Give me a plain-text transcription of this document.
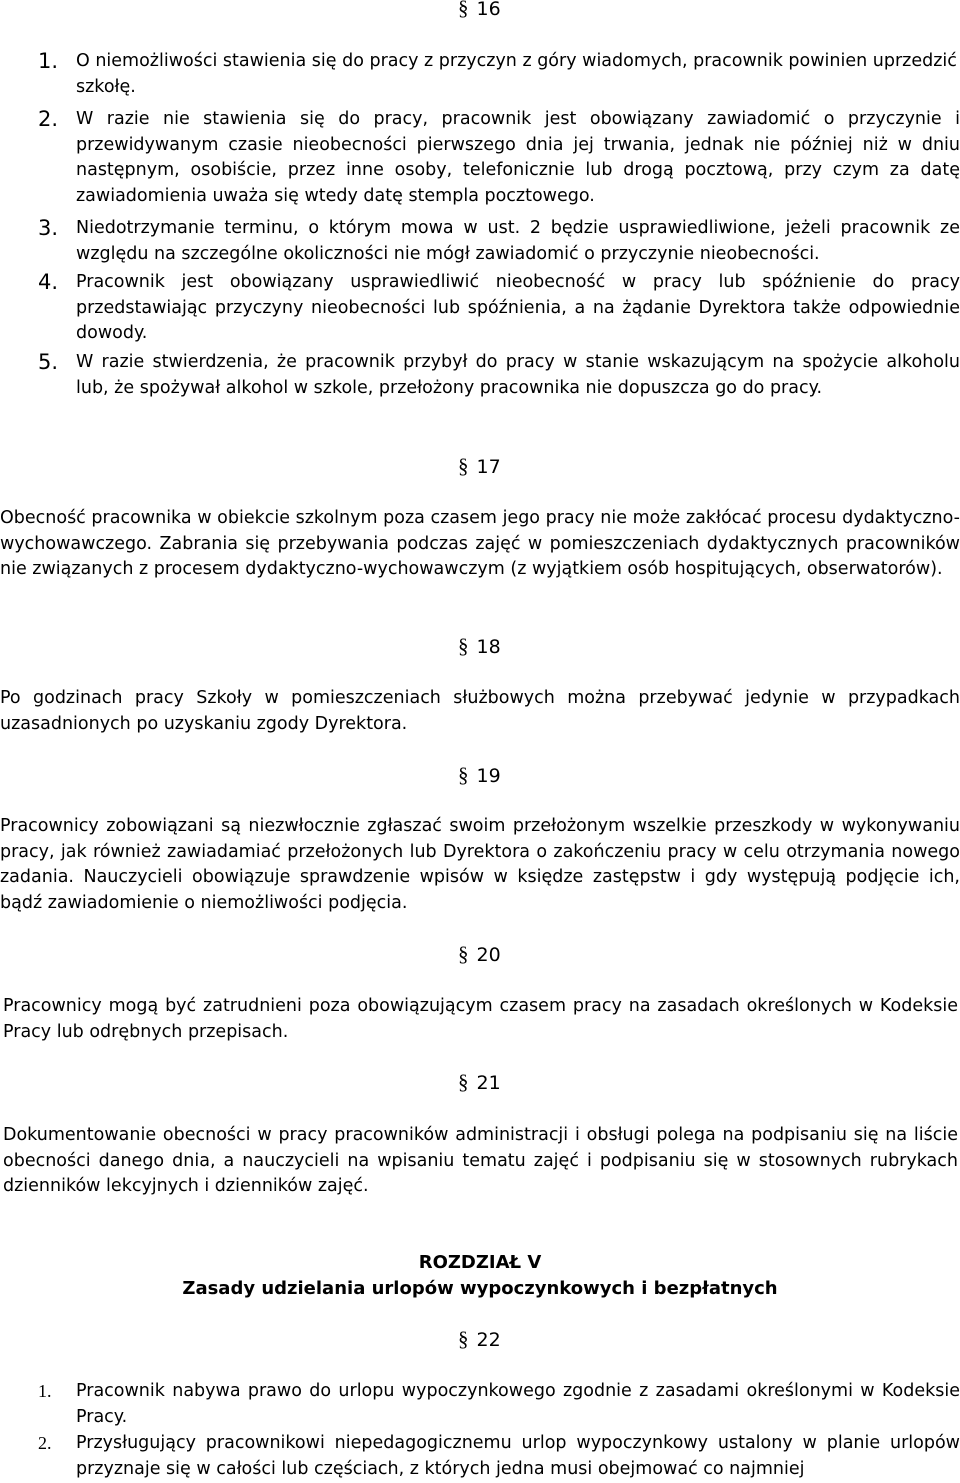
§ 16
1. O niemożliwości stawienia się do pracy z przyczyn z góry wiadomych, pracownik powinien uprzedzić szkołę.
2. W razie nie stawienia się do pracy, pracownik jest obowiązany zawiadomić o przyczynie i przewidywanym czasie nieobecności pierwszego dnia jej trwania, jednak nie później niż w dniu następnym, osobiście, przez inne osoby, telefonicznie lub drogą pocztową, przy czym za datę zawiadomienia uważa się wtedy datę stempla pocztowego.
3. Niedotrzymanie terminu, o którym mowa w ust. 2 będzie usprawiedliwione, jeżeli pracownik ze względu na szczególne okoliczności nie mógł zawiadomić o przyczynie nieobecności.
4. Pracownik jest obowiązany usprawiedliwić nieobecność w pracy lub spóźnienie do pracy przedstawiając przyczyny nieobecności lub spóźnienia, a na żądanie Dyrektora także odpowiednie dowody.
5. W razie stwierdzenia, że pracownik przybył do pracy w stanie wskazującym na spożycie alkoholu lub, że spożywał alkohol w szkole, przełożony pracownika nie dopuszcza go do pracy.
§ 17

Obecność pracownika w obiekcie szkolnym poza czasem jego pracy nie może zakłócać procesu dydaktyczno-wychowawczego. Zabrania się przebywania podczas zajęć w pomieszczeniach dydaktycznych pracowników nie związanych z procesem dydaktyczno-wychowawczym (z wyjątkiem osób hospitujących, obserwatorów).

§ 18

Po godzinach pracy Szkoły w pomieszczeniach służbowych można przebywać jedynie w przypadkach uzasadnionych po uzyskaniu zgody Dyrektora.

§ 19

Pracownicy zobowiązani są niezwłocznie zgłaszać swoim przełożonym wszelkie przeszkody w wykonywaniu pracy, jak również zawiadamiać przełożonych lub Dyrektora o zakończeniu pracy w celu otrzymania nowego zadania. Nauczycieli obowiązuje sprawdzenie wpisów w księdze zastępstw i gdy występują podjęcie ich, bądź zawiadomienie o niemożliwości podjęcia.

§ 20

Pracownicy mogą być zatrudnieni poza obowiązującym czasem pracy na zasadach określonych w Kodeksie Pracy lub odrębnych przepisach.

§ 21

Dokumentowanie obecności w pracy pracowników administracji i obsługi polega na podpisaniu się na liście obecności danego dnia, a nauczycieli na wpisaniu tematu zajęć i podpisaniu się w stosownych rubrykach dzienników lekcyjnych i dzienników zajęć.

ROZDZIAŁ V
Zasady udzielania urlopów wypoczynkowych i bezpłatnych
§ 22
1. Pracownik nabywa prawo do urlopu wypoczynkowego zgodnie z zasadami określonymi w Kodeksie Pracy.
2. Przysługujący pracownikowi niepedagogicznemu urlop wypoczynkowy ustalony w planie urlopów przyznaje się w całości lub częściach, z których jedna musi obejmować co najmniej
